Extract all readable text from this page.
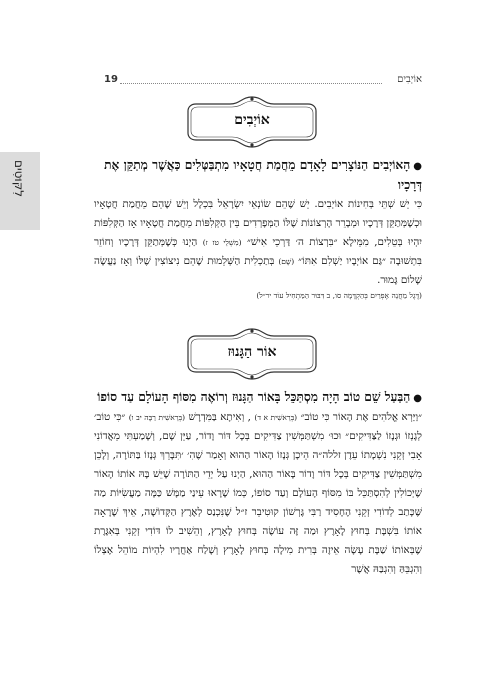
19	אוֹיְבִים
לִקּוּטִים
אוֹיְבִים
●הָאוֹיְבִים הַנּוֹצָרִים לָאָדָם מֵחֲמַת חֲטָאָיו מִתְבַּטְּלִים כַּאֲשֶׁר מְתַקֵּן אֶת דְּרָכָיו
כִּי יֵשׁ שְׁתֵּי בְּחִינוֹת אוֹיְבִים. יֵשׁ שֶׁהֵם שׂוֹנְאֵי יִשְׂרָאֵל בִּכְלָל וְיֵשׁ שֶׁהֵם מֵחֲמַת חֲטָאָיו וּכְשֶׁמְּתַקֵּן דְּרָכָיו וּמְבָרֵר הָרְצוֹנוֹת שֶׁלּוֹ הַמְּפָרְדִים בֵּין הַקְּלִפּוֹת מֵחֲמַת חֲטָאָיו אָז הַקְּלִפּוֹת יִהְיוּ בְּטֵלִים, מִמֵּילָא ״בִּרְצוֹת ה׳ דַּרְכֵי אִישׁ״ (מִשְׁלֵי טז ז) הַיְנוּ כְּשֶׁמְּתַקֵּן דְּרָכָיו וְחוֹזֵר בִּתְשׁוּבָה ״גַּם אוֹיְבָיו יַשְׁלִם אִתּוֹ״ (שָׁם) בְּתַכְלִית הַשְּׁלֵמוּת שֶׁהֵם נִיצוֹצִין שֶׁלּוֹ וְאָז נַעֲשֶׂה שָׁלוֹם גָּמוּר.
(דֶּגֶל מַחֲנֵה אֶפְרַיִם בְּהַקְדָּמָה סו, ב דִּבּוּר הַמַּתְחִיל עוֹד יר״ל)
אוֹר הַגָּנוּז
●הַבַּעַל שֵׁם טוֹב הָיָה מִסְתַּכֵּל בָּאוֹר הַגָּנוּז וְרוֹאֶה מִסּוֹף הָעוֹלָם עַד סוֹפוֹ
״וַיַּרְא אֱלֹהִים אֶת הָאוֹר כִּי טוֹב״ (בְּרֵאשִׁית א ד) , וְאִיתָא בַּמִּדְרָשׁ (בְּרֵאשִׁית רַבָּה יב ו) ״כִּי טוֹב׳ לְגָנְזוֹ וּגְנָזוֹ לַצַּדִּיקִים״ וּכוּ׳ מִשְׁתַּמְּשִׁין צַדִּיקִים בְּכָל דּוֹר וָדוֹר, עַיֵּן שָׁם, וְשָׁמַעְתִּי מֵאֲדוֹנִי אָבִי זְקֵנִי נִשְׁמָתוֹ עֵדֶן זללה״ה הֵיכָן גְּנָזוֹ הָאוֹר הַהוּא וְאָמַר שֶׁהִ׳ ׳תִּבָּרֵךְ גְּנָזוֹ בַּתּוֹרָה, וְלָכֵן מִשְׁתַּמְּשִׁין צַדִּיקִים בְּכָל דּוֹר וָדוֹר בָּאוֹר הַהוּא, הַיְנוּ עַל יְדֵי הַתּוֹרָה שֶׁיֵּשׁ בָּהּ אוֹתוֹ הָאוֹר שֶׁיְכוֹלִין לְהִסְתַּכֵּל בּוֹ מִסּוֹף הָעוֹלָם וְעַד סוֹפוֹ, כְּמוֹ שֶׁרָאוּ עֵינַי מַמָּשׁ כַּמָּה מַעֲשִׂיּוֹת מַה שֶּׁכָּתַב לְדוֹדִי זְקֵנִי הֶחָסִיד רַבִּי גֶּרְשׁוֹן קוּטִיבֵר ז״ל שֶׁנִּכְנַס לְאֶרֶץ הַקְּדוֹשָׁה, אֵיךְ שֶׁרָאָה אוֹתוֹ בִּשְׁבָּת בְּחוּץ לָאָרֶץ וּמַה זֶּה עוֹשֶׂה בְּחוּץ לָאָרֶץ, וְהֵשִׁיב לוֹ דּוֹדִי זְקֵנִי בְּאִגֶּרֶת שֶׁבְּאוֹתוֹ שַׁבָּת עָשָׂה אֵיזֶה בְּרִית מִילָה בְּחוּץ לָאָרֶץ וְשָׁלַח אַחֲרָיו לִהְיוֹת מוֹהֵל אֶצְלוֹ וְהִגְבֵּהַּ וְהִגְבַּהּ אֲשֶׁר
